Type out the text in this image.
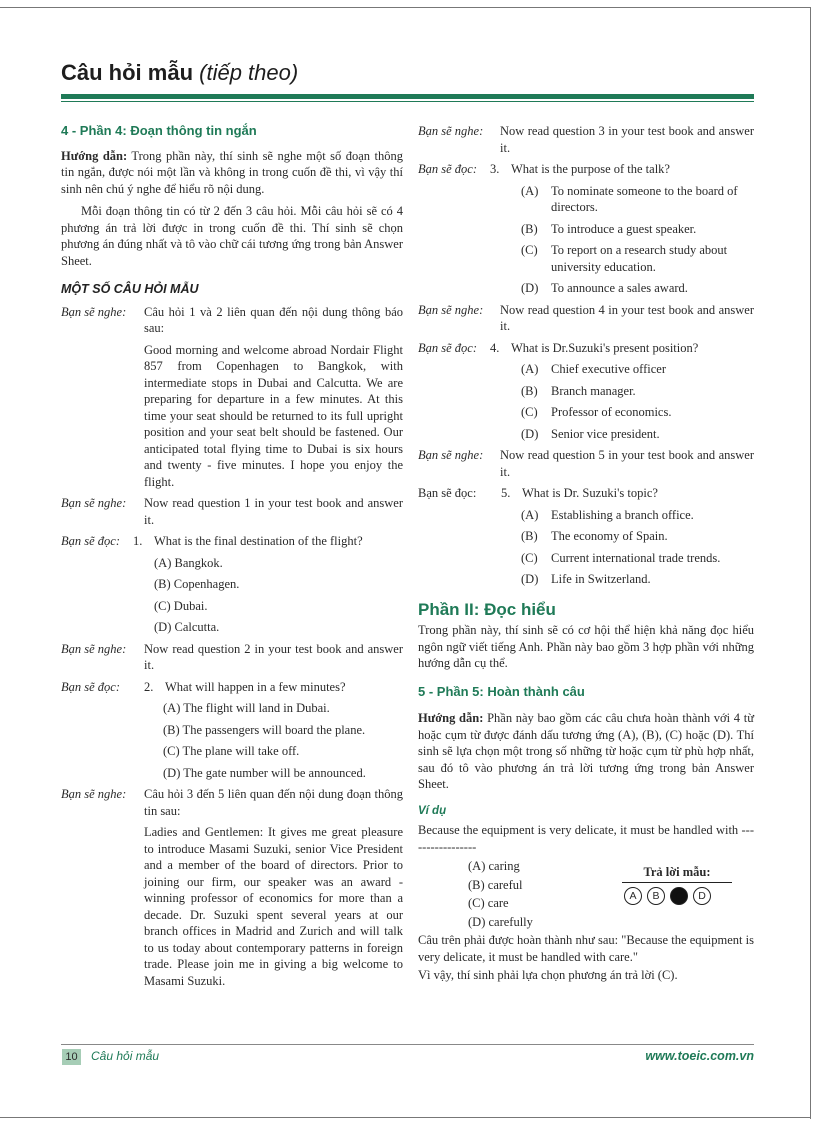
Câu hỏi mẫu (tiếp theo)

4 - Phần 4: Đoạn thông tin ngắn

Hướng dẫn: Trong phần này, thí sinh sẽ nghe một số đoạn thông tin ngắn, được nói một lần và không in trong cuốn đề thi, vì vậy thí sinh nên chú ý nghe để hiểu rõ nội dung.

Mỗi đoạn thông tin có từ 2 đến 3 câu hỏi. Mỗi câu hỏi sẽ có 4 phương án trả lời được in trong cuốn đề thi. Thí sinh sẽ chọn phương án đúng nhất và tô vào chữ cái tương ứng trong bản Answer Sheet.

MỘT SỐ CÂU HỎI MẪU

Bạn sẽ nghe:	Câu hỏi 1 và 2 liên quan đến nội dung thông báo sau:

Good morning and welcome abroad Nordair Flight 857 from Copenhagen to Bangkok, with intermediate stops in Dubai and Calcutta. We are preparing for departure in a few minutes. At this time your seat should be returned to its full upright position and your seat belt should be fastened. Our anticipated total flying time to Dubai is six hours and twenty - five minutes. I hope you enjoy the flight.

Bạn sẽ nghe:	Now read question 1 in your test book and answer it.
Bạn sẽ đọc:	1. What is the final destination of the flight?

(A) Bangkok.

(B) Copenhagen.

(C) Dubai.

(D) Calcutta.

Bạn sẽ nghe:	Now read question 2 in your test book and answer it.
Bạn sẽ đọc:	2. What will happen in a few minutes?

(A) The flight will land in Dubai.

(B) The passengers will board the plane.

(C) The plane will take off.

(D) The gate number will be announced.

Bạn sẽ nghe:	Câu hỏi 3 đến 5 liên quan đến nội dung đoạn thông tin sau:

Ladies and Gentlemen: It gives me great pleasure to introduce Masami Suzuki, senior Vice President and a member of the board of directors. Prior to joining our firm, our speaker was an award - winning professor of economics for more than a decade. Dr. Suzuki spent several years at our branch offices in Madrid and Zurich and will talk to us today about contemporary patterns in foreign trade. Please join me in giving a big welcome to Masami Suzuki.

Bạn sẽ nghe:	Now read question 3 in your test book and answer it.
Bạn sẽ đọc:	3. What is the purpose of the talk?
(A)	To nominate someone to the board of directors.
(B)	To introduce a guest speaker.
(C)	To report on a research study about university education.
(D)	To announce a sales award.
Bạn sẽ nghe:	Now read question 4 in your test book and answer it.
Bạn sẽ đọc:	4. What is Dr.Suzuki's present position?
(A)	Chief executive officer
(B)	Branch manager.
(C)	Professor of economics.
(D)	Senior vice president.
Bạn sẽ nghe:	Now read question 5 in your test book and answer it.
Bạn sẽ đọc:	5. What is Dr. Suzuki's topic?
(A)	Establishing a branch office.
(B)	The economy of Spain.
(C)	Current international trade trends.
(D)	Life in Switzerland.

Phần II: Đọc hiểu

Trong phần này, thí sinh sẽ có cơ hội thể hiện khả năng đọc hiểu ngôn ngữ viết tiếng Anh. Phần này bao gồm 3 hợp phần với những hướng dẫn cụ thể.

5 - Phần 5: Hoàn thành câu

Hướng dẫn: Phần này bao gồm các câu chưa hoàn thành với 4 từ hoặc cụm từ được đánh dấu tương ứng (A), (B), (C) hoặc (D). Thí sinh sẽ lựa chọn một trong số những từ hoặc cụm từ phù hợp nhất, sau đó tô vào phương án trả lời tương ứng trong bản Answer Sheet.

Ví dụ

Because the equipment is very delicate, it must be handled with -----------------

(A) caring

(B) careful

(C) care

(D) carefully

Trả lời mẫu:
A	B	C	D

Câu trên phải được hoàn thành như sau: "Because the equipment is very delicate, it must be handled with care."

Vì vậy, thí sinh phải lựa chọn phương án trả lời (C).

10 Câu hỏi mẫu	www.toeic.com.vn
